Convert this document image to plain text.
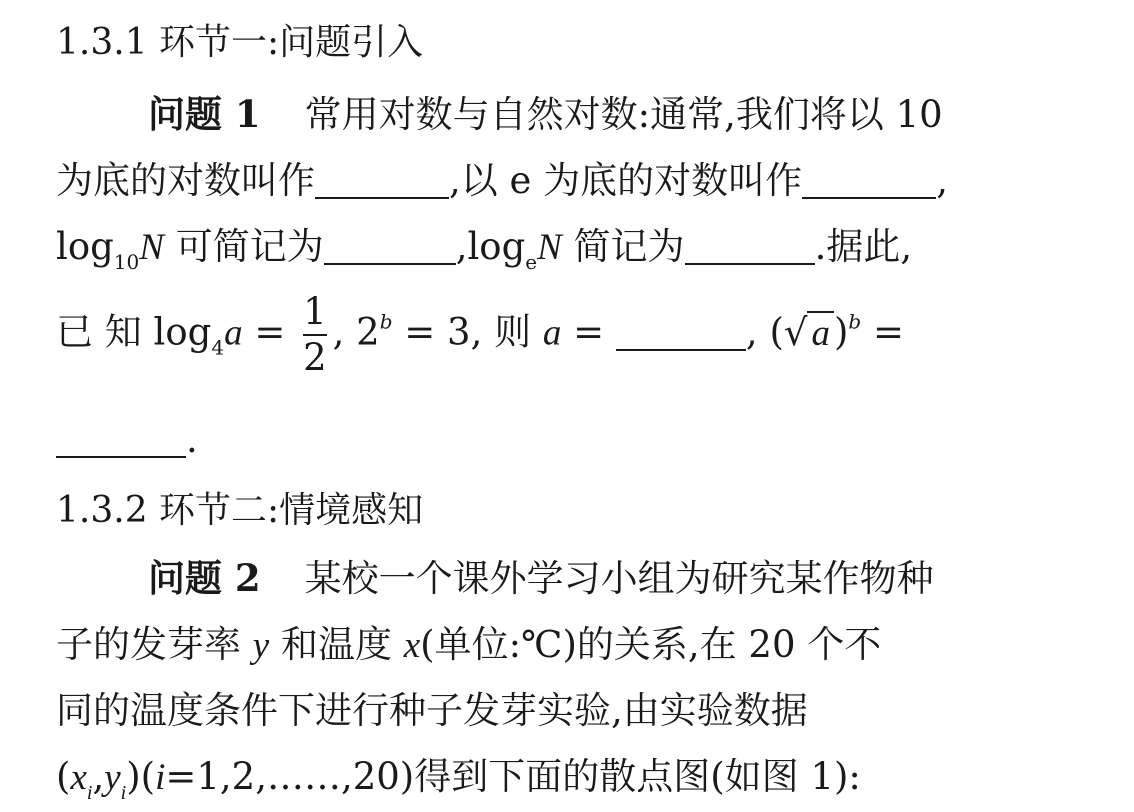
1.3.1 环节一:问题引入
问题 1 常用对数与自然对数:通常,我们将以 10
为底的对数叫作	,以 e 为底的对数叫作	,
$\log_{10}N$ 可简记为	$,\log_eN$ 简记为	.据此,
已 知 $\log_4a = \frac{1}{2}$ , $2^b = 3$, 则 a =	, (√ a )$^b$ =
.
1.3.2 环节二:情境感知
问题 2 某校一个课外学习小组为研究某作物种
子的发芽率 y 和温度 x(单位:℃)的关系,在 20 个不
同的温度条件下进行种子发芽实验,由实验数据
$(x_i,y_i)(i=1,2,\dots\dots,20)$得到下面的散点图(如图 1):
